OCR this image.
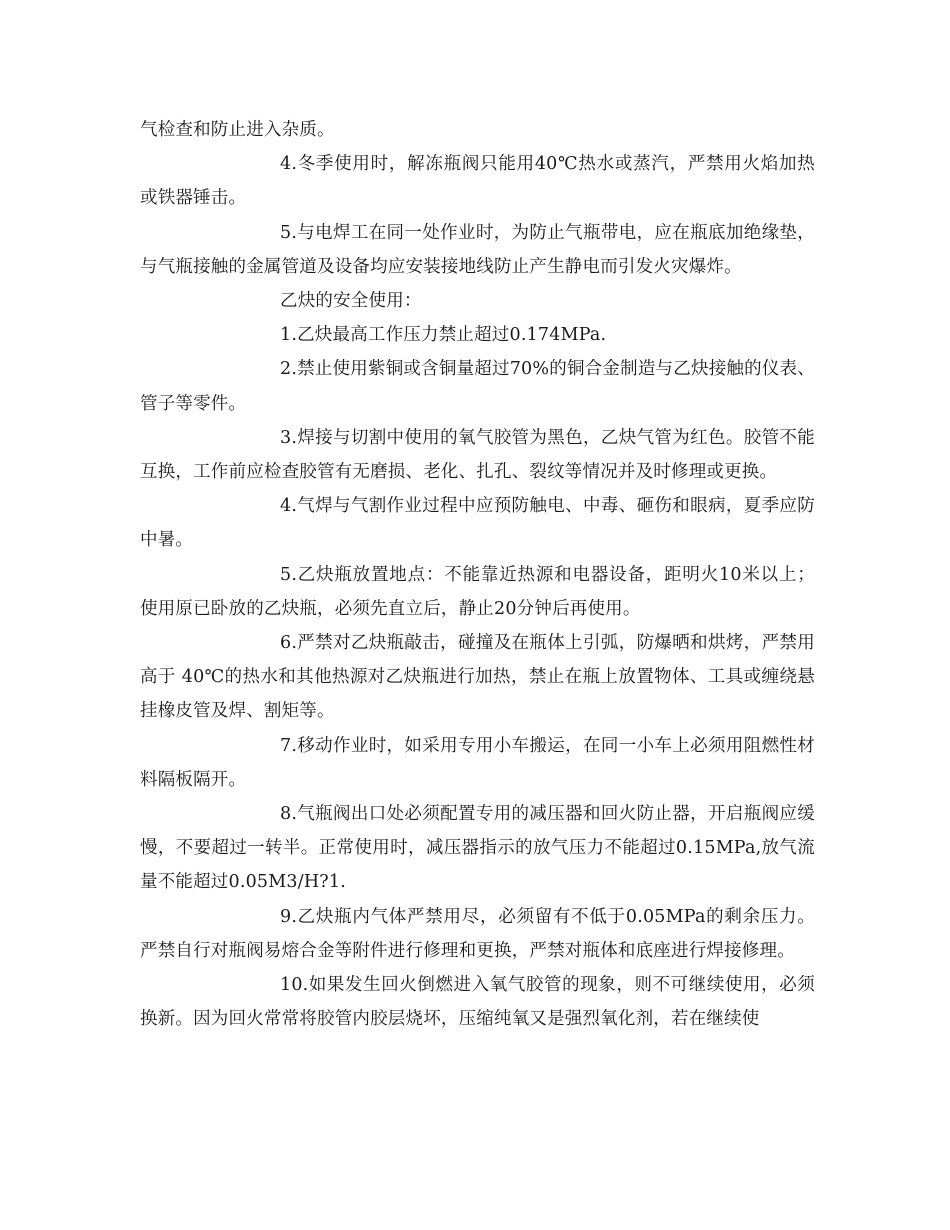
气检查和防止进入杂质。

4.冬季使用时，解冻瓶阀只能用40℃热水或蒸汽，严禁用火焰加热或铁器锤击。

5.与电焊工在同一处作业时，为防止气瓶带电，应在瓶底加绝缘垫，与气瓶接触的金属管道及设备均应安装接地线防止产生静电而引发火灾爆炸。

乙炔的安全使用：

1.乙炔最高工作压力禁止超过0.174MPa.

2.禁止使用紫铜或含铜量超过70%的铜合金制造与乙炔接触的仪表、管子等零件。

3.焊接与切割中使用的氧气胶管为黑色，乙炔气管为红色。胶管不能互换，工作前应检查胶管有无磨损、老化、扎孔、裂纹等情况并及时修理或更换。

4.气焊与气割作业过程中应预防触电、中毒、砸伤和眼病，夏季应防中暑。

5.乙炔瓶放置地点：不能靠近热源和电器设备，距明火10米以上；使用原已卧放的乙炔瓶，必须先直立后，静止20分钟后再使用。

6.严禁对乙炔瓶敲击，碰撞及在瓶体上引弧，防爆晒和烘烤，严禁用高于 40℃的热水和其他热源对乙炔瓶进行加热，禁止在瓶上放置物体、工具或缠绕悬挂橡皮管及焊、割矩等。

7.移动作业时，如采用专用小车搬运，在同一小车上必须用阻燃性材料隔板隔开。

8.气瓶阀出口处必须配置专用的减压器和回火防止器，开启瓶阀应缓慢，不要超过一转半。正常使用时，减压器指示的放气压力不能超过0.15MPa,放气流量不能超过0.05M3/H?1.

9.乙炔瓶内气体严禁用尽，必须留有不低于0.05MPa的剩余压力。严禁自行对瓶阀易熔合金等附件进行修理和更换，严禁对瓶体和底座进行焊接修理。

10.如果发生回火倒燃进入氧气胶管的现象，则不可继续使用，必须换新。因为回火常常将胶管内胶层烧坏，压缩纯氧又是强烈氧化剂，若在继续使
